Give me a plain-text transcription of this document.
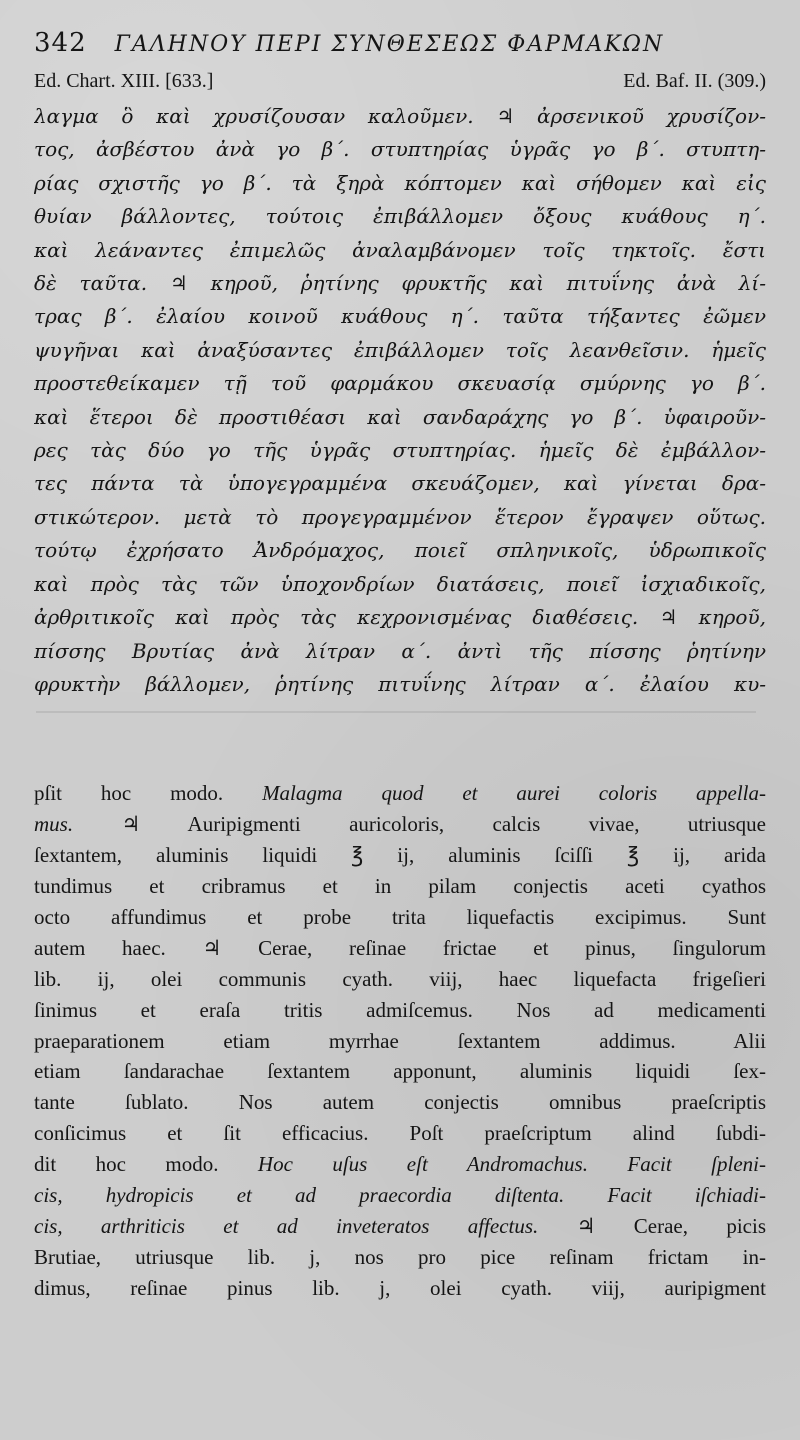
342 ΓΑΛΗΝΟΥ ΠΕΡΙ ΣΥΝΘΕΣΕΩΣ ΦΑΡΜΑΚΩΝ
Ed. Chart. XIII. [633.]	Ed. Baf. II. (309.)
λαγμα ὃ καὶ χρυσίζουσαν καλοῦμεν. ♃ ἀρσενικοῦ χρυσίζον-
τος, ἀσβέστου ἀνὰ γο β΄. στυπτηρίας ὑγρᾶς γο β΄. στυπτη-
ρίας σχιστῆς γο β΄. τὰ ξηρὰ κόπτομεν καὶ σήθομεν καὶ εἰς
θυίαν βάλλοντες, τούτοις ἐπιβάλλομεν ὄξους κυάθους η΄.
καὶ λεάναντες ἐπιμελῶς ἀναλαμβάνομεν τοῖς τηκτοῖς. ἔστι
δὲ ταῦτα. ♃ κηροῦ, ῥητίνης φρυκτῆς καὶ πιτυΐνης ἀνὰ λί-
τρας β΄. ἐλαίου κοινοῦ κυάθους η΄. ταῦτα τήξαντες ἐῶμεν
ψυγῆναι καὶ ἀναξύσαντες ἐπιβάλλομεν τοῖς λεανθεῖσιν. ἡμεῖς
προστεθείκαμεν τῇ τοῦ φαρμάκου σκευασίᾳ σμύρνης γο β΄.
καὶ ἕτεροι δὲ προστιθέασι καὶ σανδαράχης γο β΄. ὑφαιροῦν-
ρες τὰς δύο γο τῆς ὑγρᾶς στυπτηρίας. ἡμεῖς δὲ ἐμβάλλον-
τες πάντα τὰ ὑπογεγραμμένα σκευάζομεν, καὶ γίνεται δρα-
στικώτερον. μετὰ τὸ προγεγραμμένον ἕτερον ἔγραψεν οὕτως.
τούτῳ ἐχρήσατο Ἀνδρόμαχος, ποιεῖ σπληνικοῖς, ὑδρωπικοῖς
καὶ πρὸς τὰς τῶν ὑποχονδρίων διατάσεις, ποιεῖ ἰσχιαδικοῖς,
ἀρθριτικοῖς καὶ πρὸς τὰς κεχρονισμένας διαθέσεις. ♃ κηροῦ,
πίσσης Βρυτίας ἀνὰ λίτραν α΄. ἀντὶ τῆς πίσσης ῥητίνην
φρυκτὴν βάλλομεν, ῥητίνης πιτυΐνης λίτραν α΄. ἐλαίου κυ-
pſit hoc modo. Malagma quod et aurei coloris appella-
mus. ♃ Auripigmenti auricoloris, calcis vivae, utriusque
ſextantem, aluminis liquidi ℥ ij, aluminis ſciſſi ℥ ij, arida
tundimus et cribramus et in pilam conjectis aceti cyathos
octo affundimus et probe trita liquefactis excipimus. Sunt
autem haec. ♃ Cerae, reſinae frictae et pinus, ſingulorum
lib. ij, olei communis cyath. viij, haec liquefacta frigeſieri
ſinimus et eraſa tritis admiſcemus. Nos ad medicamenti
praeparationem etiam myrrhae ſextantem addimus. Alii
etiam ſandarachae ſextantem apponunt, aluminis liquidi ſex-
tante ſublato. Nos autem conjectis omnibus praeſcriptis
conſicimus et ſit efficacius. Poſt praeſcriptum alind ſubdi-
dit hoc modo. Hoc uſus eſt Andromachus. Facit ſpleni-
cis, hydropicis et ad praecordia diſtenta. Facit iſchiadi-
cis, arthriticis et ad inveteratos affectus. ♃ Cerae, picis
Brutiae, utriusque lib. j, nos pro pice reſinam frictam in-
dimus, reſinae pinus lib. j, olei cyath. viij, auripigment
